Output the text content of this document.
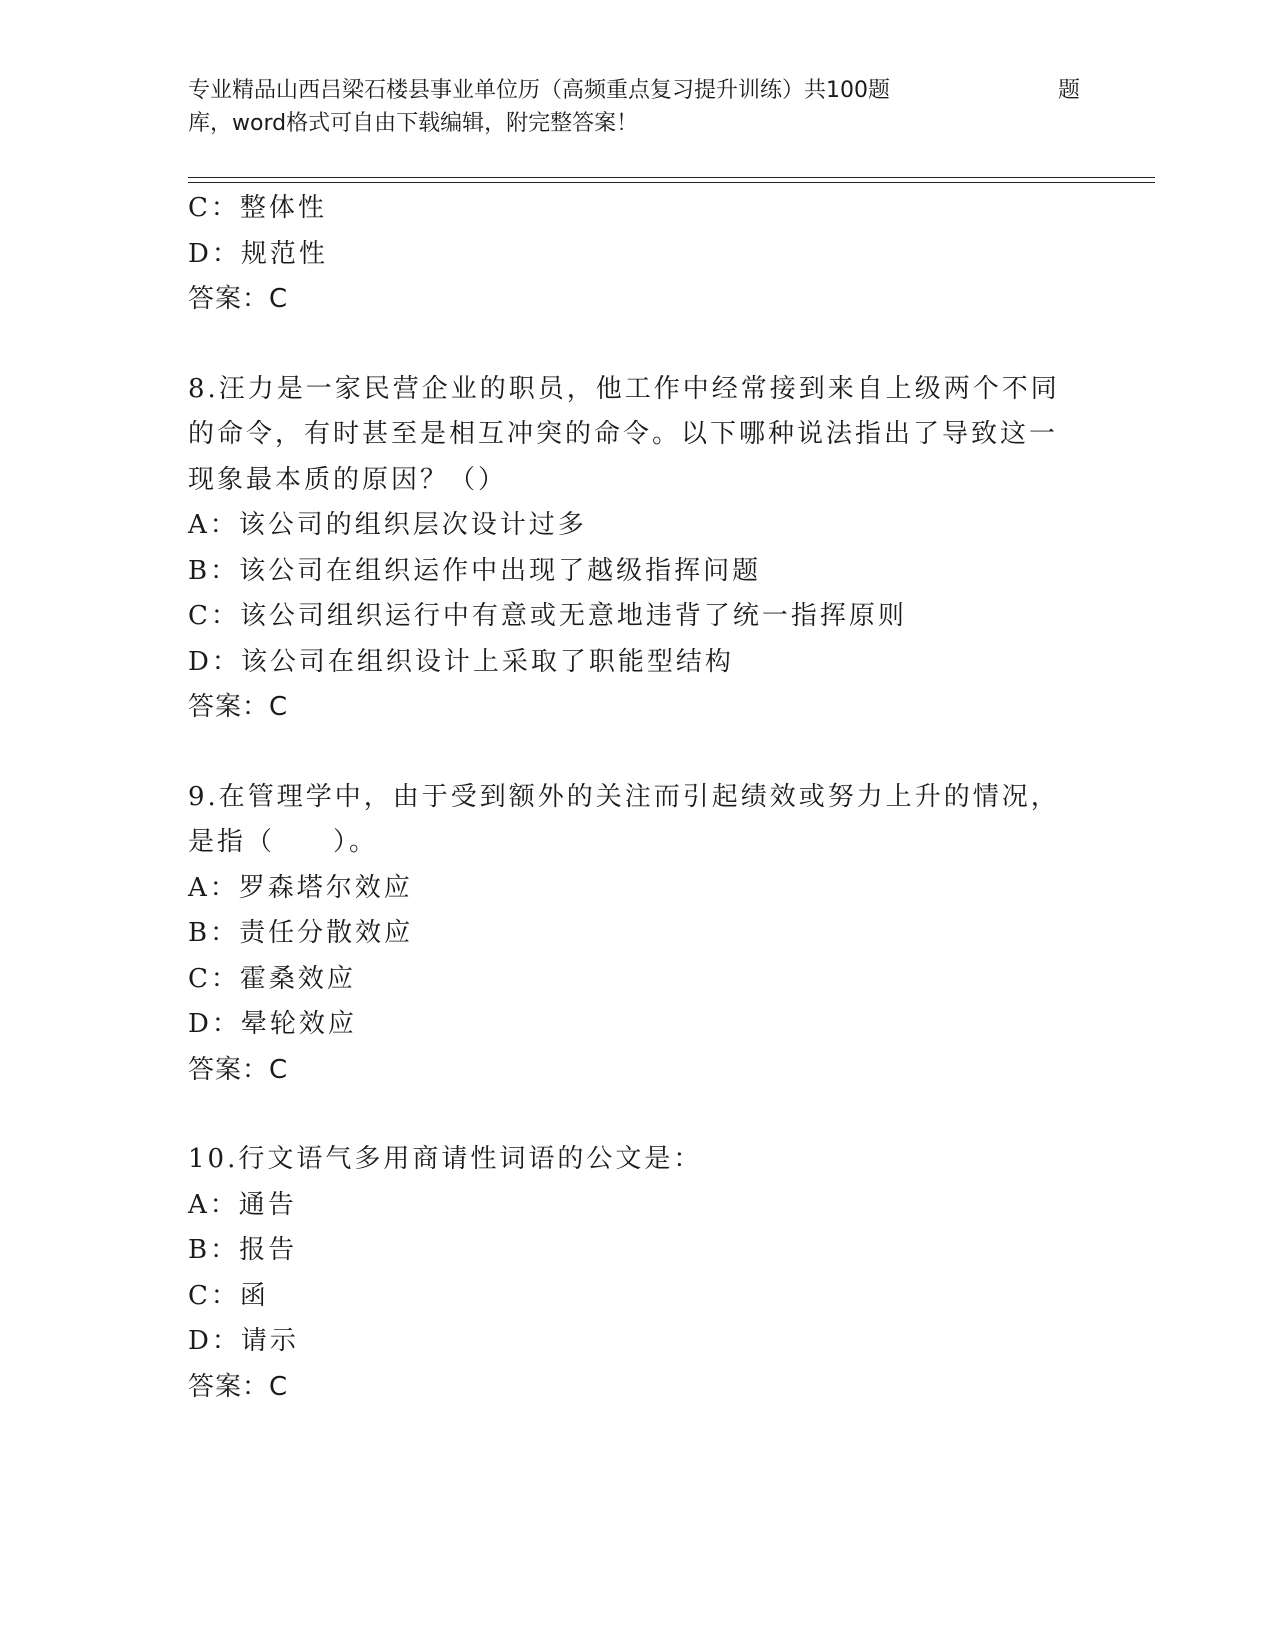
专业精品山西吕梁石楼县事业单位历（高频重点复习提升训练）共100题	题
库，word格式可自由下载编辑，附完整答案！
C：整体性
D：规范性
答案：C
8.汪力是一家民营企业的职员，他工作中经常接到来自上级两个不同
的命令，有时甚至是相互冲突的命令。以下哪种说法指出了导致这一
现象最本质的原因？（）
A：该公司的组织层次设计过多
B：该公司在组织运作中出现了越级指挥问题
C：该公司组织运行中有意或无意地违背了统一指挥原则
D：该公司在组织设计上采取了职能型结构
答案：C
9.在管理学中，由于受到额外的关注而引起绩效或努力上升的情况，
是指（　　）。
A：罗森塔尔效应
B：责任分散效应
C：霍桑效应
D：晕轮效应
答案：C
10.行文语气多用商请性词语的公文是：
A：通告
B：报告
C：函
D：请示
答案：C
